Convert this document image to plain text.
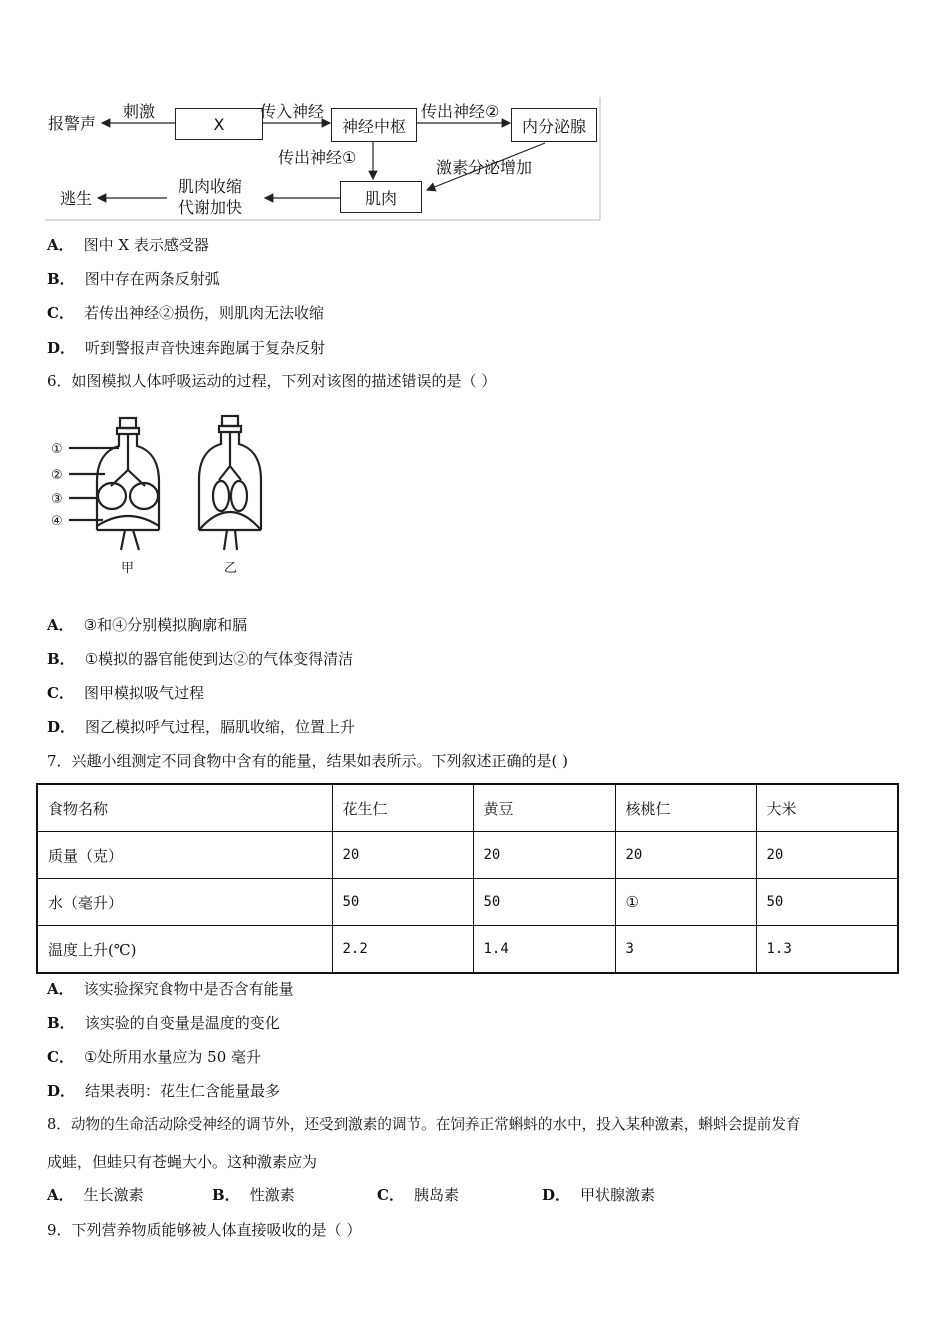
报警声
刺激
X
传入神经
神经中枢
传出神经②
内分泌腺
传出神经①
激素分泌增加
肌肉
肌肉收缩
代谢加快
逃生
A． 图中 X 表示感受器
B． 图中存在两条反射弧
C． 若传出神经②损伤，则肌肉无法收缩
D． 听到警报声音快速奔跑属于复杂反射
6．如图模拟人体呼吸运动的过程，下列对该图的描述错误的是（ ）
①
②
③
④
甲	乙
A． ③和④分别模拟胸廓和膈
B． ①模拟的器官能使到达②的气体变得清洁
C． 图甲模拟吸气过程
D． 图乙模拟呼气过程，膈肌收缩，位置上升
7．兴趣小组测定不同食物中含有的能量，结果如表所示。下列叙述正确的是( )
食物名称	花生仁	黄豆	核桃仁	大米
质量（克）	20	20	20	20
水（毫升）	50	50	①	50
温度上升(℃)	2.2	1.4	3	1.3
A． 该实验探究食物中是否含有能量
B． 该实验的自变量是温度的变化
C． ①处所用水量应为 50 毫升
D． 结果表明：花生仁含能量最多
8．动物的生命活动除受神经的调节外，还受到激素的调节。在饲养正常蝌蚪的水中，投入某种激素，蝌蚪会提前发育
成蛙，但蛙只有苍蝇大小。这种激素应为
A． 生长激素	B． 性激素	C． 胰岛素	D． 甲状腺激素
9．下列营养物质能够被人体直接吸收的是（ ）
